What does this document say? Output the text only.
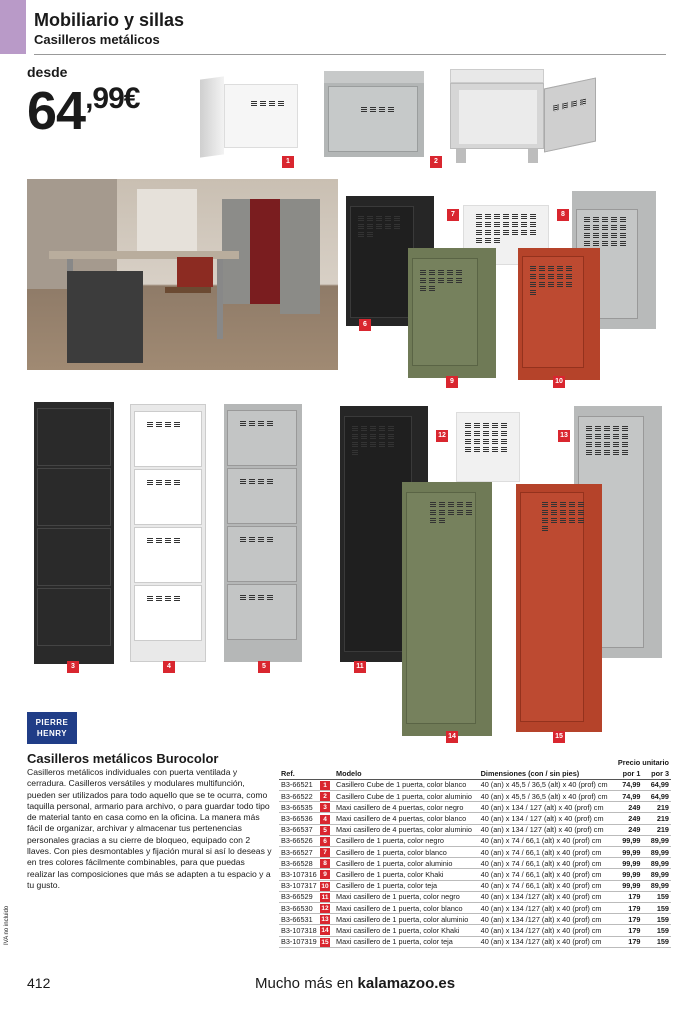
Mobiliario y sillas
Casilleros metálicos
desde
64,99€
1	2
6
7	8
9	10
3	4	5	11
12	13
14	15
PIERRE
HENRY
Casilleros metálicos Burocolor
Casilleros metálicos individuales con puerta ventilada y cerradura. Casilleros versátiles y modulares multifunción, pueden ser utilizados para todo aquello que se te ocurra, como taquilla personal, armario para archivo, o para guardar todo tipo de material tanto en casa como en la oficina. La manera más fácil de organizar, archivar y almacenar tus pertenencias personales gracias a su cierre de bloqueo, equipado con 2 llaves. Con pies desmontables y fijación mural si así lo deseas y en tres colores fácilmente combinables, para que puedas realizar las composiciones que más se adapten a tu espacio y a tu gusto.
IVA no incluido
				Precio unitario	
Ref.		Modelo	Dimensiones (con / sin pies)	por 1	por 3
B3-66521	1	Casillero Cube de 1 puerta, color blanco	40 (an) x 45,5 / 36,5 (alt) x 40 (prof) cm	74,99	64,99
B3-66522	2	Casillero Cube de 1 puerta, color aluminio	40 (an) x 45,5 / 36,5 (alt) x 40 (prof) cm	74,99	64,99
B3-66535	3	Maxi casillero de 4 puertas, color negro	40 (an) x 134 / 127 (alt) x 40 (prof) cm	249	219
B3-66536	4	Maxi casillero de 4 puertas, color blanco	40 (an) x 134 / 127 (alt) x 40 (prof) cm	249	219
B3-66537	5	Maxi casillero de 4 puertas, color aluminio	40 (an) x 134 / 127 (alt) x 40 (prof) cm	249	219
B3-66526	6	Casillero de 1 puerta, color negro	40 (an) x 74 / 66,1 (alt) x 40 (prof) cm	99,99	89,99
B3-66527	7	Casillero de 1 puerta, color blanco	40 (an) x 74 / 66,1 (alt) x 40 (prof) cm	99,99	89,99
B3-66528	8	Casillero de 1 puerta, color aluminio	40 (an) x 74 / 66,1 (alt) x 40 (prof) cm	99,99	89,99
B3-107316	9	Casillero de 1 puerta, color Khaki	40 (an) x 74 / 66,1 (alt) x 40 (prof) cm	99,99	89,99
B3-107317	10	Casillero de 1 puerta, color teja	40 (an) x 74 / 66,1 (alt) x 40 (prof) cm	99,99	89,99
B3-66529	11	Maxi casillero de 1 puerta, color negro	40 (an) x 134 /127 (alt) x 40 (prof) cm	179	159
B3-66530	12	Maxi casillero de 1 puerta, color blanco	40 (an) x 134 /127 (alt) x 40 (prof) cm	179	159
B3-66531	13	Maxi casillero de 1 puerta, color aluminio	40 (an) x 134 /127 (alt) x 40 (prof) cm	179	159
B3-107318	14	Maxi casillero de 1 puerta, color Khaki	40 (an) x 134 /127 (alt) x 40 (prof) cm	179	159
B3-107319	15	Maxi casillero de 1 puerta, color teja	40 (an) x 134 /127 (alt) x 40 (prof) cm	179	159
412	Mucho más en kalamazoo.es
